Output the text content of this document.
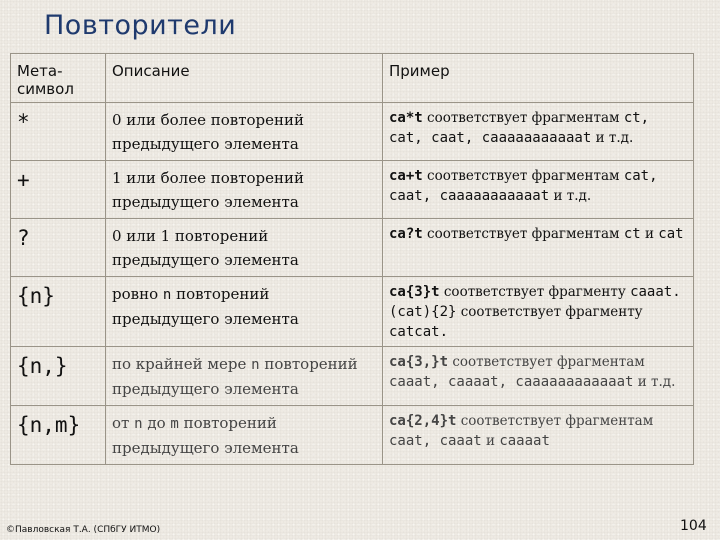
Повторители
Мета-символ	Описание	Пример
*	0 или более повторений предыдущего элемента	ca*t соответствует фрагментам ct, cat, caat, caaaaaaaaaaat и т.д.
+	1 или более повторений предыдущего элемента	ca+t соответствует фрагментам cat, caat, caaaaaaaaaaat и т.д.
?	0 или 1 повторений предыдущего элемента	ca?t соответствует фрагментам ct и cat
{n}	ровно n повторений предыдущего элемента	ca{3}t соответствует фрагменту caaat. (cat){2} соответствует фрагменту catcat.
{n,}	по крайней мере n повторений предыдущего элемента	ca{3,}t соответствует фрагментам caaat, caaaat, caaaaaaaaaaaat и т.д.
{n,m}	от n до m повторений предыдущего элемента	ca{2,4}t соответствует фрагментам caat, caaat и caaaat
©Павловская Т.А. (СПбГУ ИТМО)	104
